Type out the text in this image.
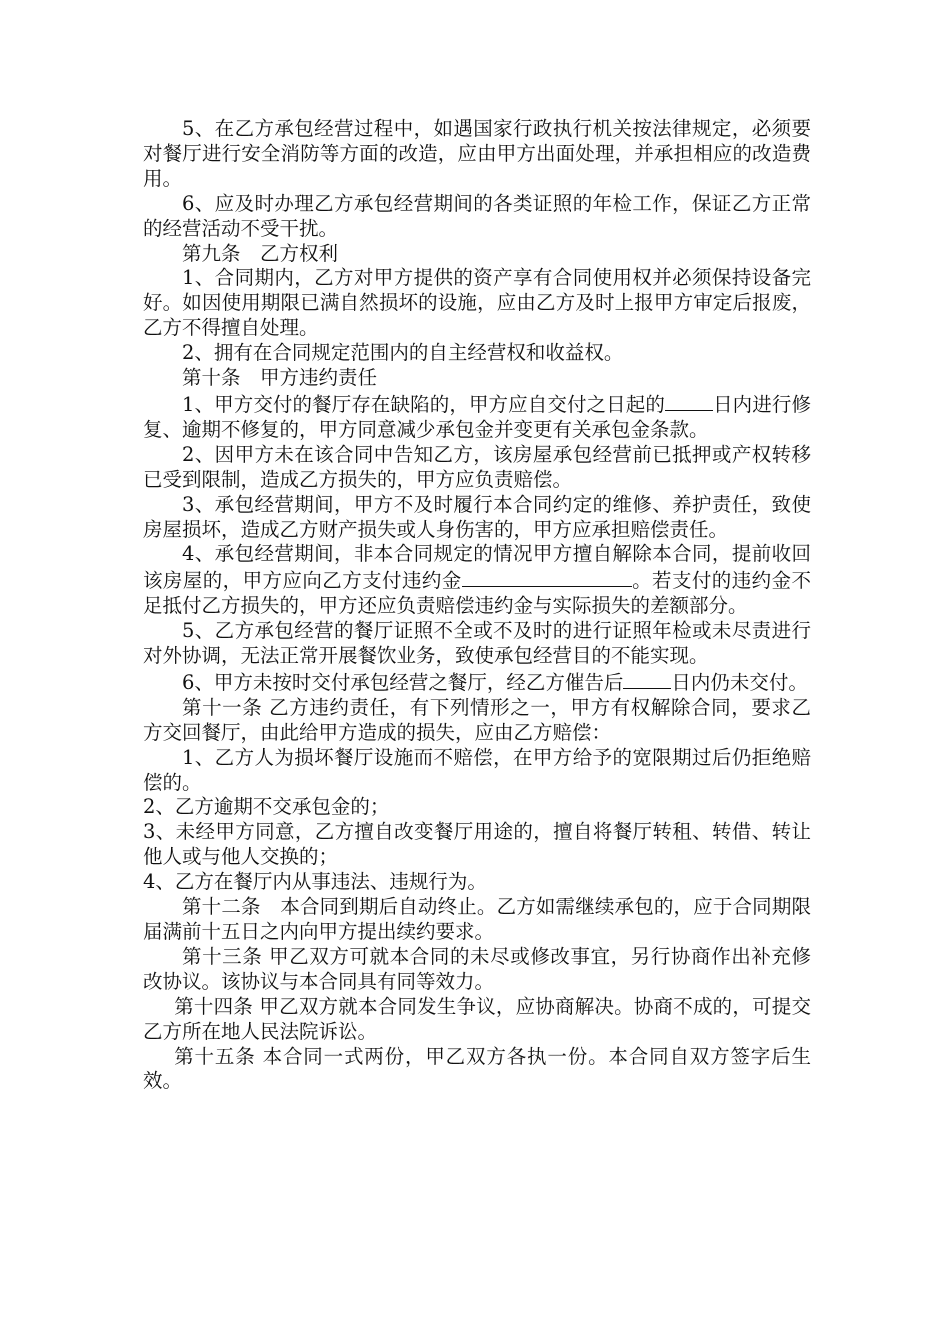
5、在乙方承包经营过程中，如遇国家行政执行机关按法律规定，必须要对餐厅进行安全消防等方面的改造，应由甲方出面处理，并承担相应的改造费用。

6、应及时办理乙方承包经营期间的各类证照的年检工作，保证乙方正常的经营活动不受干扰。

第九条　乙方权利

1、合同期内，乙方对甲方提供的资产享有合同使用权并必须保持设备完好。如因使用期限已满自然损坏的设施，应由乙方及时上报甲方审定后报废，乙方不得擅自处理。

2、拥有在合同规定范围内的自主经营权和收益权。

第十条　甲方违约责任

1、甲方交付的餐厅存在缺陷的，甲方应自交付之日起的 日内进行修复、逾期不修复的，甲方同意减少承包金并变更有关承包金条款。

2、因甲方未在该合同中告知乙方，该房屋承包经营前已抵押或产权转移已受到限制，造成乙方损失的，甲方应负责赔偿。

3、承包经营期间，甲方不及时履行本合同约定的维修、养护责任，致使房屋损坏，造成乙方财产损失或人身伤害的，甲方应承担赔偿责任。

4、承包经营期间，非本合同规定的情况甲方擅自解除本合同，提前收回该房屋的，甲方应向乙方支付违约金	。若支付的违约金不足抵付乙方损失的，甲方还应负责赔偿违约金与实际损失的差额部分。

5、乙方承包经营的餐厅证照不全或不及时的进行证照年检或未尽责进行对外协调，无法正常开展餐饮业务，致使承包经营目的不能实现。

6、甲方未按时交付承包经营之餐厅，经乙方催告后 日内仍未交付。

第十一条 乙方违约责任，有下列情形之一，甲方有权解除合同，要求乙方交回餐厅，由此给甲方造成的损失，应由乙方赔偿：

1、乙方人为损坏餐厅设施而不赔偿，在甲方给予的宽限期过后仍拒绝赔偿的。

2、乙方逾期不交承包金的；

3、未经甲方同意，乙方擅自改变餐厅用途的，擅自将餐厅转租、转借、转让他人或与他人交换的；

4、乙方在餐厅内从事违法、违规行为。

第十二条　本合同到期后自动终止。乙方如需继续承包的，应于合同期限届满前十五日之内向甲方提出续约要求。

第十三条 甲乙双方可就本合同的未尽或修改事宜，另行协商作出补充修改协议。该协议与本合同具有同等效力。

第十四条 甲乙双方就本合同发生争议，应协商解决。协商不成的，可提交乙方所在地人民法院诉讼。

第十五条 本合同一式两份，甲乙双方各执一份。本合同自双方签字后生效。
